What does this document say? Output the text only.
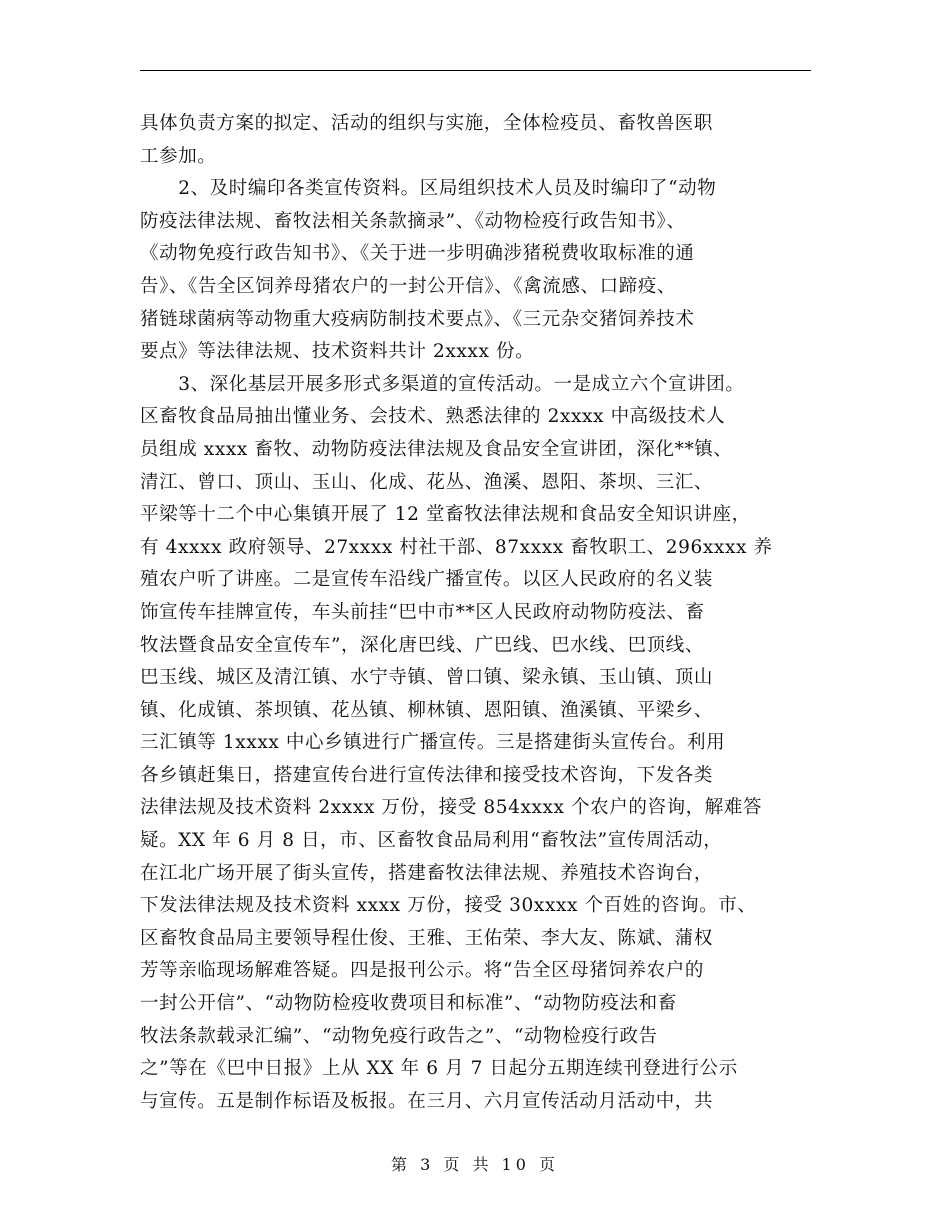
具体负责方案的拟定、活动的组织与实施，全体检疫员、畜牧兽医职
工参加。
　　2、及时编印各类宣传资料。区局组织技术人员及时编印了“动物
防疫法律法规、畜牧法相关条款摘录”、《动物检疫行政告知书》、
《动物免疫行政告知书》、《关于进一步明确涉猪税费收取标准的通
告》、《告全区饲养母猪农户的一封公开信》、《禽流感、口蹄疫、
猪链球菌病等动物重大疫病防制技术要点》、《三元杂交猪饲养技术
要点》等法律法规、技术资料共计 2xxxx 份。
　　3、深化基层开展多形式多渠道的宣传活动。一是成立六个宣讲团。
区畜牧食品局抽出懂业务、会技术、熟悉法律的 2xxxx 中高级技术人
员组成 xxxx 畜牧、动物防疫法律法规及食品安全宣讲团，深化**镇、
清江、曾口、顶山、玉山、化成、花丛、渔溪、恩阳、茶坝、三汇、
平梁等十二个中心集镇开展了 12 堂畜牧法律法规和食品安全知识讲座，
有 4xxxx 政府领导、27xxxx 村社干部、87xxxx 畜牧职工、296xxxx 养
殖农户听了讲座。二是宣传车沿线广播宣传。以区人民政府的名义装
饰宣传车挂牌宣传，车头前挂“巴中市**区人民政府动物防疫法、畜
牧法暨食品安全宣传车”，深化唐巴线、广巴线、巴水线、巴顶线、
巴玉线、城区及清江镇、水宁寺镇、曾口镇、梁永镇、玉山镇、顶山
镇、化成镇、茶坝镇、花丛镇、柳林镇、恩阳镇、渔溪镇、平梁乡、
三汇镇等 1xxxx 中心乡镇进行广播宣传。三是搭建街头宣传台。利用
各乡镇赶集日，搭建宣传台进行宣传法律和接受技术咨询，下发各类
法律法规及技术资料 2xxxx 万份，接受 854xxxx 个农户的咨询，解难答
疑。XX 年 6 月 8 日，市、区畜牧食品局利用“畜牧法”宣传周活动，
在江北广场开展了街头宣传，搭建畜牧法律法规、养殖技术咨询台，
下发法律法规及技术资料 xxxx 万份，接受 30xxxx 个百姓的咨询。市、
区畜牧食品局主要领导程仕俊、王雅、王佑荣、李大友、陈斌、蒲权
芳等亲临现场解难答疑。四是报刊公示。将“告全区母猪饲养农户的
一封公开信”、“动物防检疫收费项目和标准”、“动物防疫法和畜
牧法条款载录汇编”、“动物免疫行政告之”、“动物检疫行政告
之”等在《巴中日报》上从 XX 年 6 月 7 日起分五期连续刊登进行公示
与宣传。五是制作标语及板报。在三月、六月宣传活动月活动中，共
第 3 页 共 10 页
